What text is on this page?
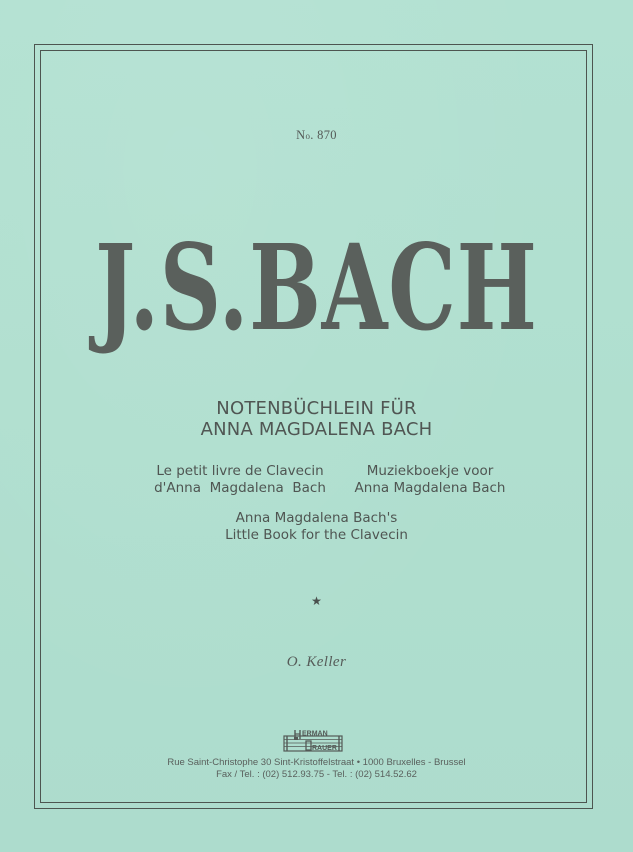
No. 870
J.S.BACH
NOTENBÜCHLEIN FÜR
ANNA MAGDALENA BACH
Le petit livre de Clavecin
d'Anna  Magdalena  Bach
Muziekboekje voor
Anna Magdalena Bach
Anna Magdalena Bach's
Little Book for the Clavecin
★
O. Keller
ERMAN
RAUER
Rue Saint-Christophe 30 Sint-Kristoffelstraat • 1000 Bruxelles - Brussel
Fax / Tel. : (02) 512.93.75 - Tel. : (02) 514.52.62
